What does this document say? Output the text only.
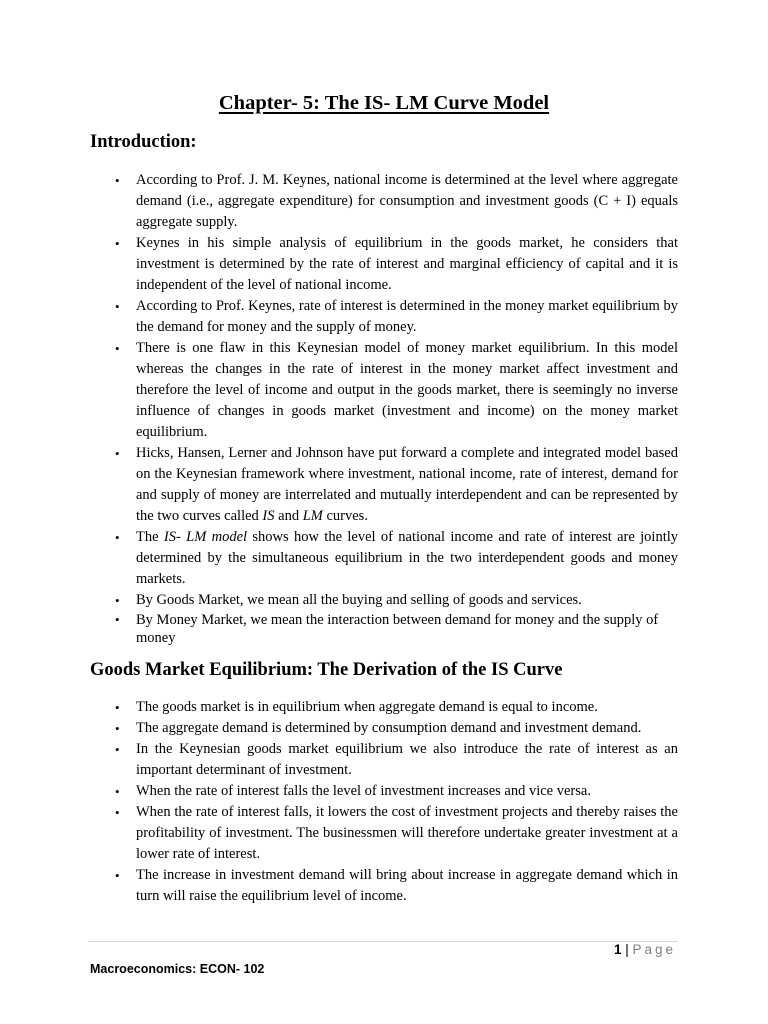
Chapter- 5: The IS- LM Curve Model
Introduction:
• According to Prof. J. M. Keynes, national income is determined at the level where aggregate demand (i.e., aggregate expenditure) for consumption and investment goods (C + I) equals aggregate supply.
• Keynes in his simple analysis of equilibrium in the goods market, he considers that investment is determined by the rate of interest and marginal efficiency of capital and it is independent of the level of national income.
• According to Prof. Keynes, rate of interest is determined in the money market equilibrium by the demand for money and the supply of money.
• There is one flaw in this Keynesian model of money market equilibrium. In this model whereas the changes in the rate of interest in the money market affect investment and therefore the level of income and output in the goods market, there is seemingly no inverse influence of changes in goods market (investment and income) on the money market equilibrium.
• Hicks, Hansen, Lerner and Johnson have put forward a complete and integrated model based on the Keynesian framework where investment, national income, rate of interest, demand for and supply of money are interrelated and mutually interdependent and can be represented by the two curves called IS and LM curves.
• The IS- LM model shows how the level of national income and rate of interest are jointly determined by the simultaneous equilibrium in the two interdependent goods and money markets.
• By Goods Market, we mean all the buying and selling of goods and services.
• By Money Market, we mean the interaction between demand for money and the supply of money
Goods Market Equilibrium: The Derivation of the IS Curve
• The goods market is in equilibrium when aggregate demand is equal to income.
• The aggregate demand is determined by consumption demand and investment demand.
• In the Keynesian goods market equilibrium we also introduce the rate of interest as an important determinant of investment.
• When the rate of interest falls the level of investment increases and vice versa.
• When the rate of interest falls, it lowers the cost of investment projects and thereby raises the profitability of investment. The businessmen will therefore undertake greater investment at a lower rate of interest.
• The increase in investment demand will bring about increase in aggregate demand which in turn will raise the equilibrium level of income.
1 | Page
Macroeconomics: ECON- 102
